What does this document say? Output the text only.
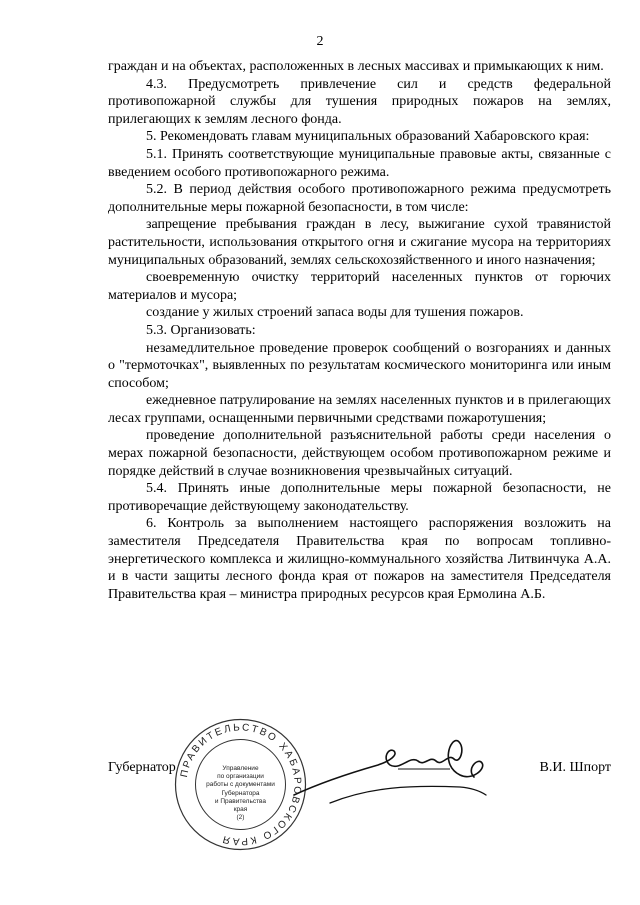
2

граждан и на объектах, расположенных в лесных массивах и примыкающих к ним.

4.3. Предусмотреть привлечение сил и средств федеральной противопожарной службы для тушения природных пожаров на землях, прилегающих к землям лесного фонда.

5. Рекомендовать главам муниципальных образований Хабаровского края:

5.1. Принять соответствующие муниципальные правовые акты, связанные с введением особого противопожарного режима.

5.2. В период действия особого противопожарного режима предусмотреть дополнительные меры пожарной безопасности, в том числе:

запрещение пребывания граждан в лесу, выжигание сухой травянистой растительности, использования открытого огня и сжигание мусора на территориях муниципальных образований, землях сельскохозяйственного и иного назначения;

своевременную очистку территорий населенных пунктов от горючих материалов и мусора;

создание у жилых строений запаса воды для тушения пожаров.

5.3. Организовать:

незамедлительное проведение проверок сообщений о возгораниях и данных о "термоточках", выявленных по результатам космического мониторинга или иным способом;

ежедневное патрулирование на землях населенных пунктов и в прилегающих лесах группами, оснащенными первичными средствами пожаротушения;

проведение дополнительной разъяснительной работы среди населения о мерах пожарной безопасности, действующем особом противопожарном режиме и порядке действий в случае возникновения чрезвычайных ситуаций.

5.4. Принять иные дополнительные меры пожарной безопасности, не противоречащие действующему законодательству.

6. Контроль за выполнением настоящего распоряжения возложить на заместителя Председателя Правительства края по вопросам топливно-энергетического комплекса и жилищно-коммунального хозяйства Литвинчука А.А. и в части защиты лесного фонда края от пожаров на заместителя Председателя Правительства края – министра природных ресурсов края Ермолина А.Б.

Губернатор	В.И. Шпорт
ПРАВИТЕЛЬСТВО ХАБАРОВСКОГО КРАЯ
Управление
по организации
работы с документами
Губернатора
и Правительства
края
(2)
